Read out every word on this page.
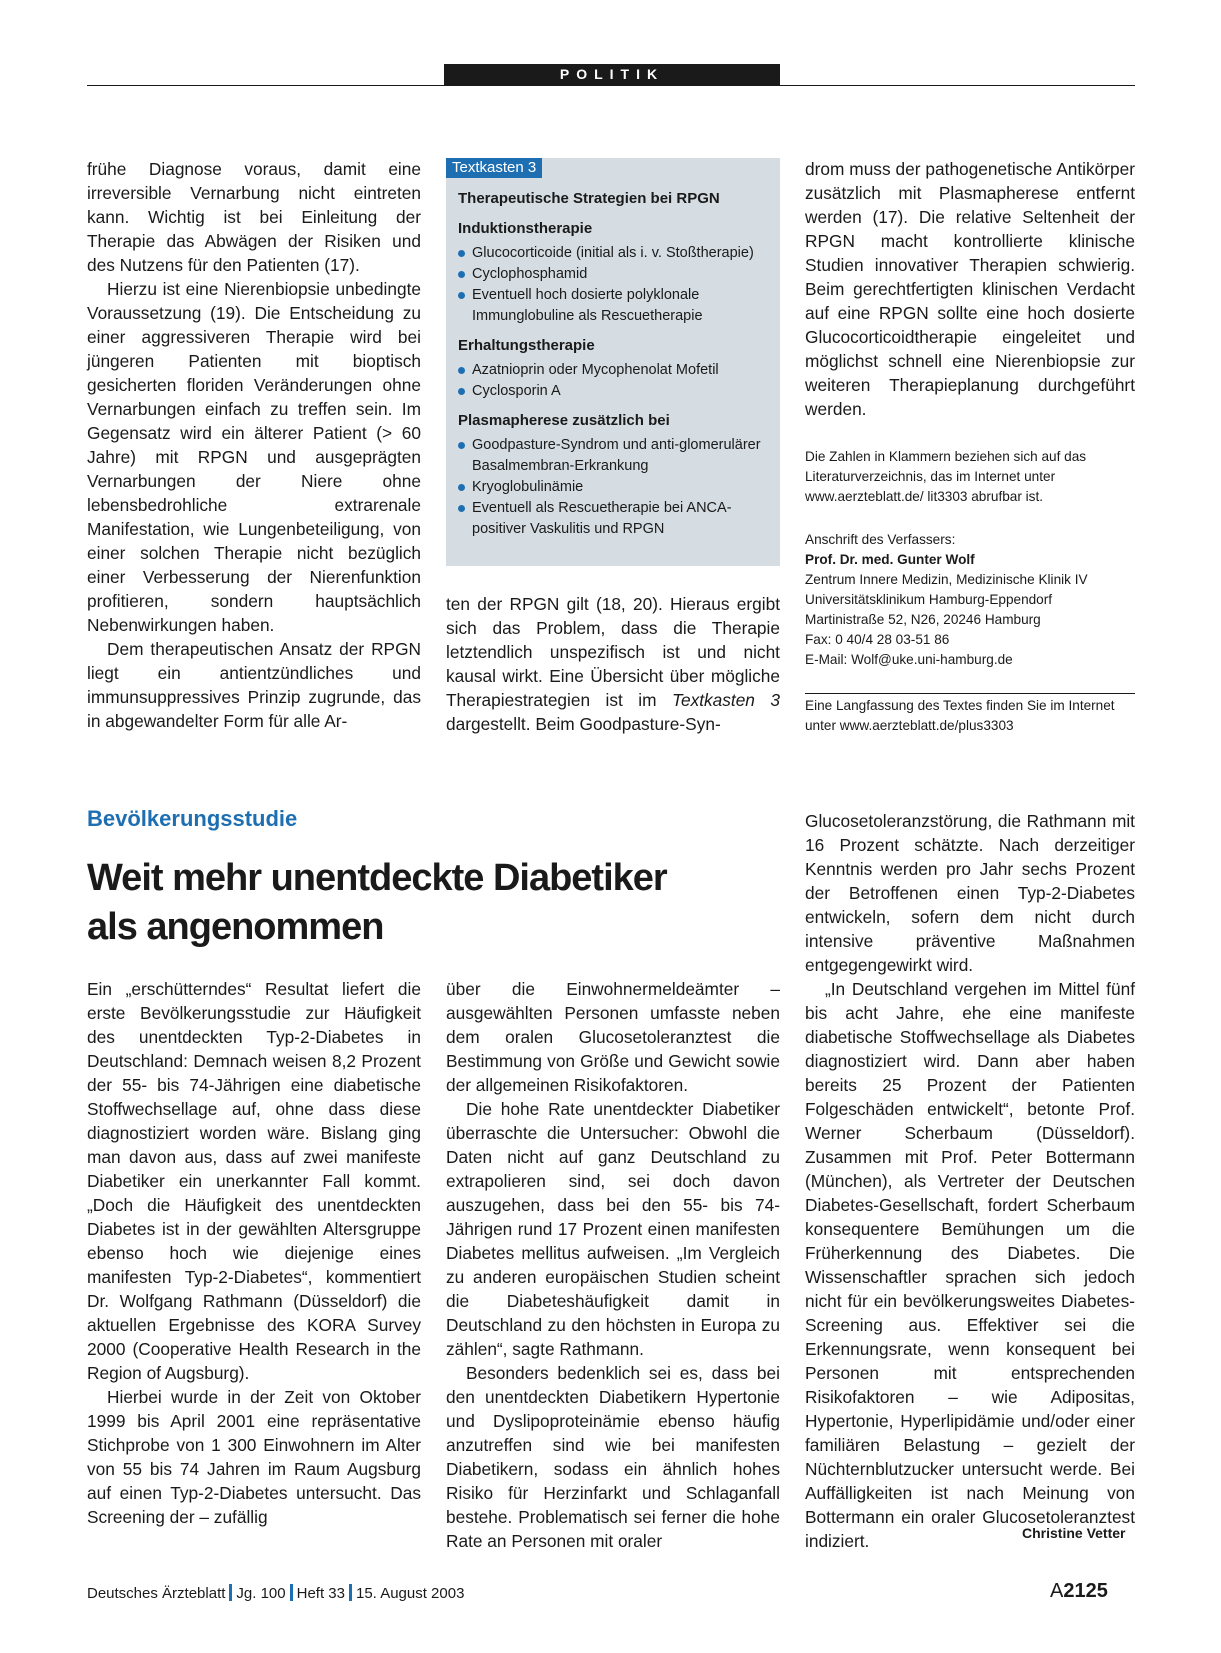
POLITIK

frühe Diagnose voraus, damit eine irreversible Vernarbung nicht eintreten kann. Wichtig ist bei Einleitung der Therapie das Abwägen der Risiken und des Nutzens für den Patienten (17).

Hierzu ist eine Nierenbiopsie unbedingte Voraussetzung (19). Die Entscheidung zu einer aggressiveren Therapie wird bei jüngeren Patienten mit bioptisch gesicherten floriden Veränderungen ohne Vernarbungen einfach zu treffen sein. Im Gegensatz wird ein älterer Patient (> 60 Jahre) mit RPGN und ausgeprägten Vernarbungen der Niere ohne lebensbedrohliche extrarenale Manifestation, wie Lungenbeteiligung, von einer solchen Therapie nicht bezüglich einer Verbesserung der Nierenfunktion profitieren, sondern hauptsächlich Nebenwirkungen haben.

Dem therapeutischen Ansatz der RPGN liegt ein antientzündliches und immunsuppressives Prinzip zugrunde, das in abgewandelter Form für alle Ar-

Textkasten 3
Therapeutische Strategien bei RPGN
Induktionstherapie
Glucocorticoide (initial als i. v. Stoßtherapie)
Cyclophosphamid
Eventuell hoch dosierte polyklonale Immunglobuline als Rescuetherapie
Erhaltungstherapie
Azatnioprin oder Mycophenolat Mofetil
Cyclosporin A
Plasmapherese zusätzlich bei
Goodpasture-Syndrom und anti-glomerulärer Basalmembran-Erkrankung
Kryoglobulinämie
Eventuell als Rescuetherapie bei ANCA-positiver Vaskulitis und RPGN

ten der RPGN gilt (18, 20). Hieraus ergibt sich das Problem, dass die Therapie letztendlich unspezifisch ist und nicht kausal wirkt. Eine Übersicht über mögliche Therapiestrategien ist im Textkasten 3 dargestellt. Beim Goodpasture-Syn-

drom muss der pathogenetische Antikörper zusätzlich mit Plasmapherese entfernt werden (17). Die relative Seltenheit der RPGN macht kontrollierte klinische Studien innovativer Therapien schwierig. Beim gerechtfertigten klinischen Verdacht auf eine RPGN sollte eine hoch dosierte Glucocorticoidtherapie eingeleitet und möglichst schnell eine Nierenbiopsie zur weiteren Therapieplanung durchgeführt werden.

Die Zahlen in Klammern beziehen sich auf das Literaturverzeichnis, das im Internet unter www.aerzteblatt.de/ lit3303 abrufbar ist.
Anschrift des Verfassers:
Prof. Dr. med. Gunter Wolf
Zentrum Innere Medizin, Medizinische Klinik IV
Universitätsklinikum Hamburg-Eppendorf
Martinistraße 52, N26, 20246 Hamburg
Fax: 0 40/4 28 03-51 86
E-Mail: Wolf@uke.uni-hamburg.de
Eine Langfassung des Textes finden Sie im Internet unter www.aerzteblatt.de/plus3303
Bevölkerungsstudie
Weit mehr unentdeckte Diabetiker als angenommen

Ein „erschütterndes“ Resultat liefert die erste Bevölkerungsstudie zur Häufigkeit des unentdeckten Typ-2-Diabetes in Deutschland: Demnach weisen 8,2 Prozent der 55- bis 74-Jährigen eine diabetische Stoffwechsellage auf, ohne dass diese diagnostiziert worden wäre. Bislang ging man davon aus, dass auf zwei manifeste Diabetiker ein unerkannter Fall kommt. „Doch die Häufigkeit des unentdeckten Diabetes ist in der gewählten Altersgruppe ebenso hoch wie diejenige eines manifesten Typ-2-Diabetes“, kommentiert Dr. Wolfgang Rathmann (Düsseldorf) die aktuellen Ergebnisse des KORA Survey 2000 (Cooperative Health Research in the Region of Augsburg).

Hierbei wurde in der Zeit von Oktober 1999 bis April 2001 eine repräsentative Stichprobe von 1 300 Einwohnern im Alter von 55 bis 74 Jahren im Raum Augsburg auf einen Typ-2-Diabetes untersucht. Das Screening der – zufällig

über die Einwohnermeldeämter – ausgewählten Personen umfasste neben dem oralen Glucosetoleranztest die Bestimmung von Größe und Gewicht sowie der allgemeinen Risikofaktoren.

Die hohe Rate unentdeckter Diabetiker überraschte die Untersucher: Obwohl die Daten nicht auf ganz Deutschland zu extrapolieren sind, sei doch davon auszugehen, dass bei den 55- bis 74-Jährigen rund 17 Prozent einen manifesten Diabetes mellitus aufweisen. „Im Vergleich zu anderen europäischen Studien scheint die Diabeteshäufigkeit damit in Deutschland zu den höchsten in Europa zu zählen“, sagte Rathmann.

Besonders bedenklich sei es, dass bei den unentdeckten Diabetikern Hypertonie und Dyslipoproteinämie ebenso häufig anzutreffen sind wie bei manifesten Diabetikern, sodass ein ähnlich hohes Risiko für Herzinfarkt und Schlaganfall bestehe. Problematisch sei ferner die hohe Rate an Personen mit oraler

Glucosetoleranzstörung, die Rathmann mit 16 Prozent schätzte. Nach derzeitiger Kenntnis werden pro Jahr sechs Prozent der Betroffenen einen Typ-2-Diabetes entwickeln, sofern dem nicht durch intensive präventive Maßnahmen entgegengewirkt wird.

„In Deutschland vergehen im Mittel fünf bis acht Jahre, ehe eine manifeste diabetische Stoffwechsellage als Diabetes diagnostiziert wird. Dann aber haben bereits 25 Prozent der Patienten Folgeschäden entwickelt“, betonte Prof. Werner Scherbaum (Düsseldorf). Zusammen mit Prof. Peter Bottermann (München), als Vertreter der Deutschen Diabetes-Gesellschaft, fordert Scherbaum konsequentere Bemühungen um die Früherkennung des Diabetes. Die Wissenschaftler sprachen sich jedoch nicht für ein bevölkerungsweites Diabetes-Screening aus. Effektiver sei die Erkennungsrate, wenn konsequent bei Personen mit entsprechenden Risikofaktoren – wie Adipositas, Hypertonie, Hyperlipidämie und/oder einer familiären Belastung – gezielt der Nüchternblutzucker untersucht werde. Bei Auffälligkeiten ist nach Meinung von Bottermann ein oraler Glucosetoleranztest indiziert.	Christine Vetter
Deutsches Ärzteblatt Jg. 100 Heft 33 15. August 2003	A2125
